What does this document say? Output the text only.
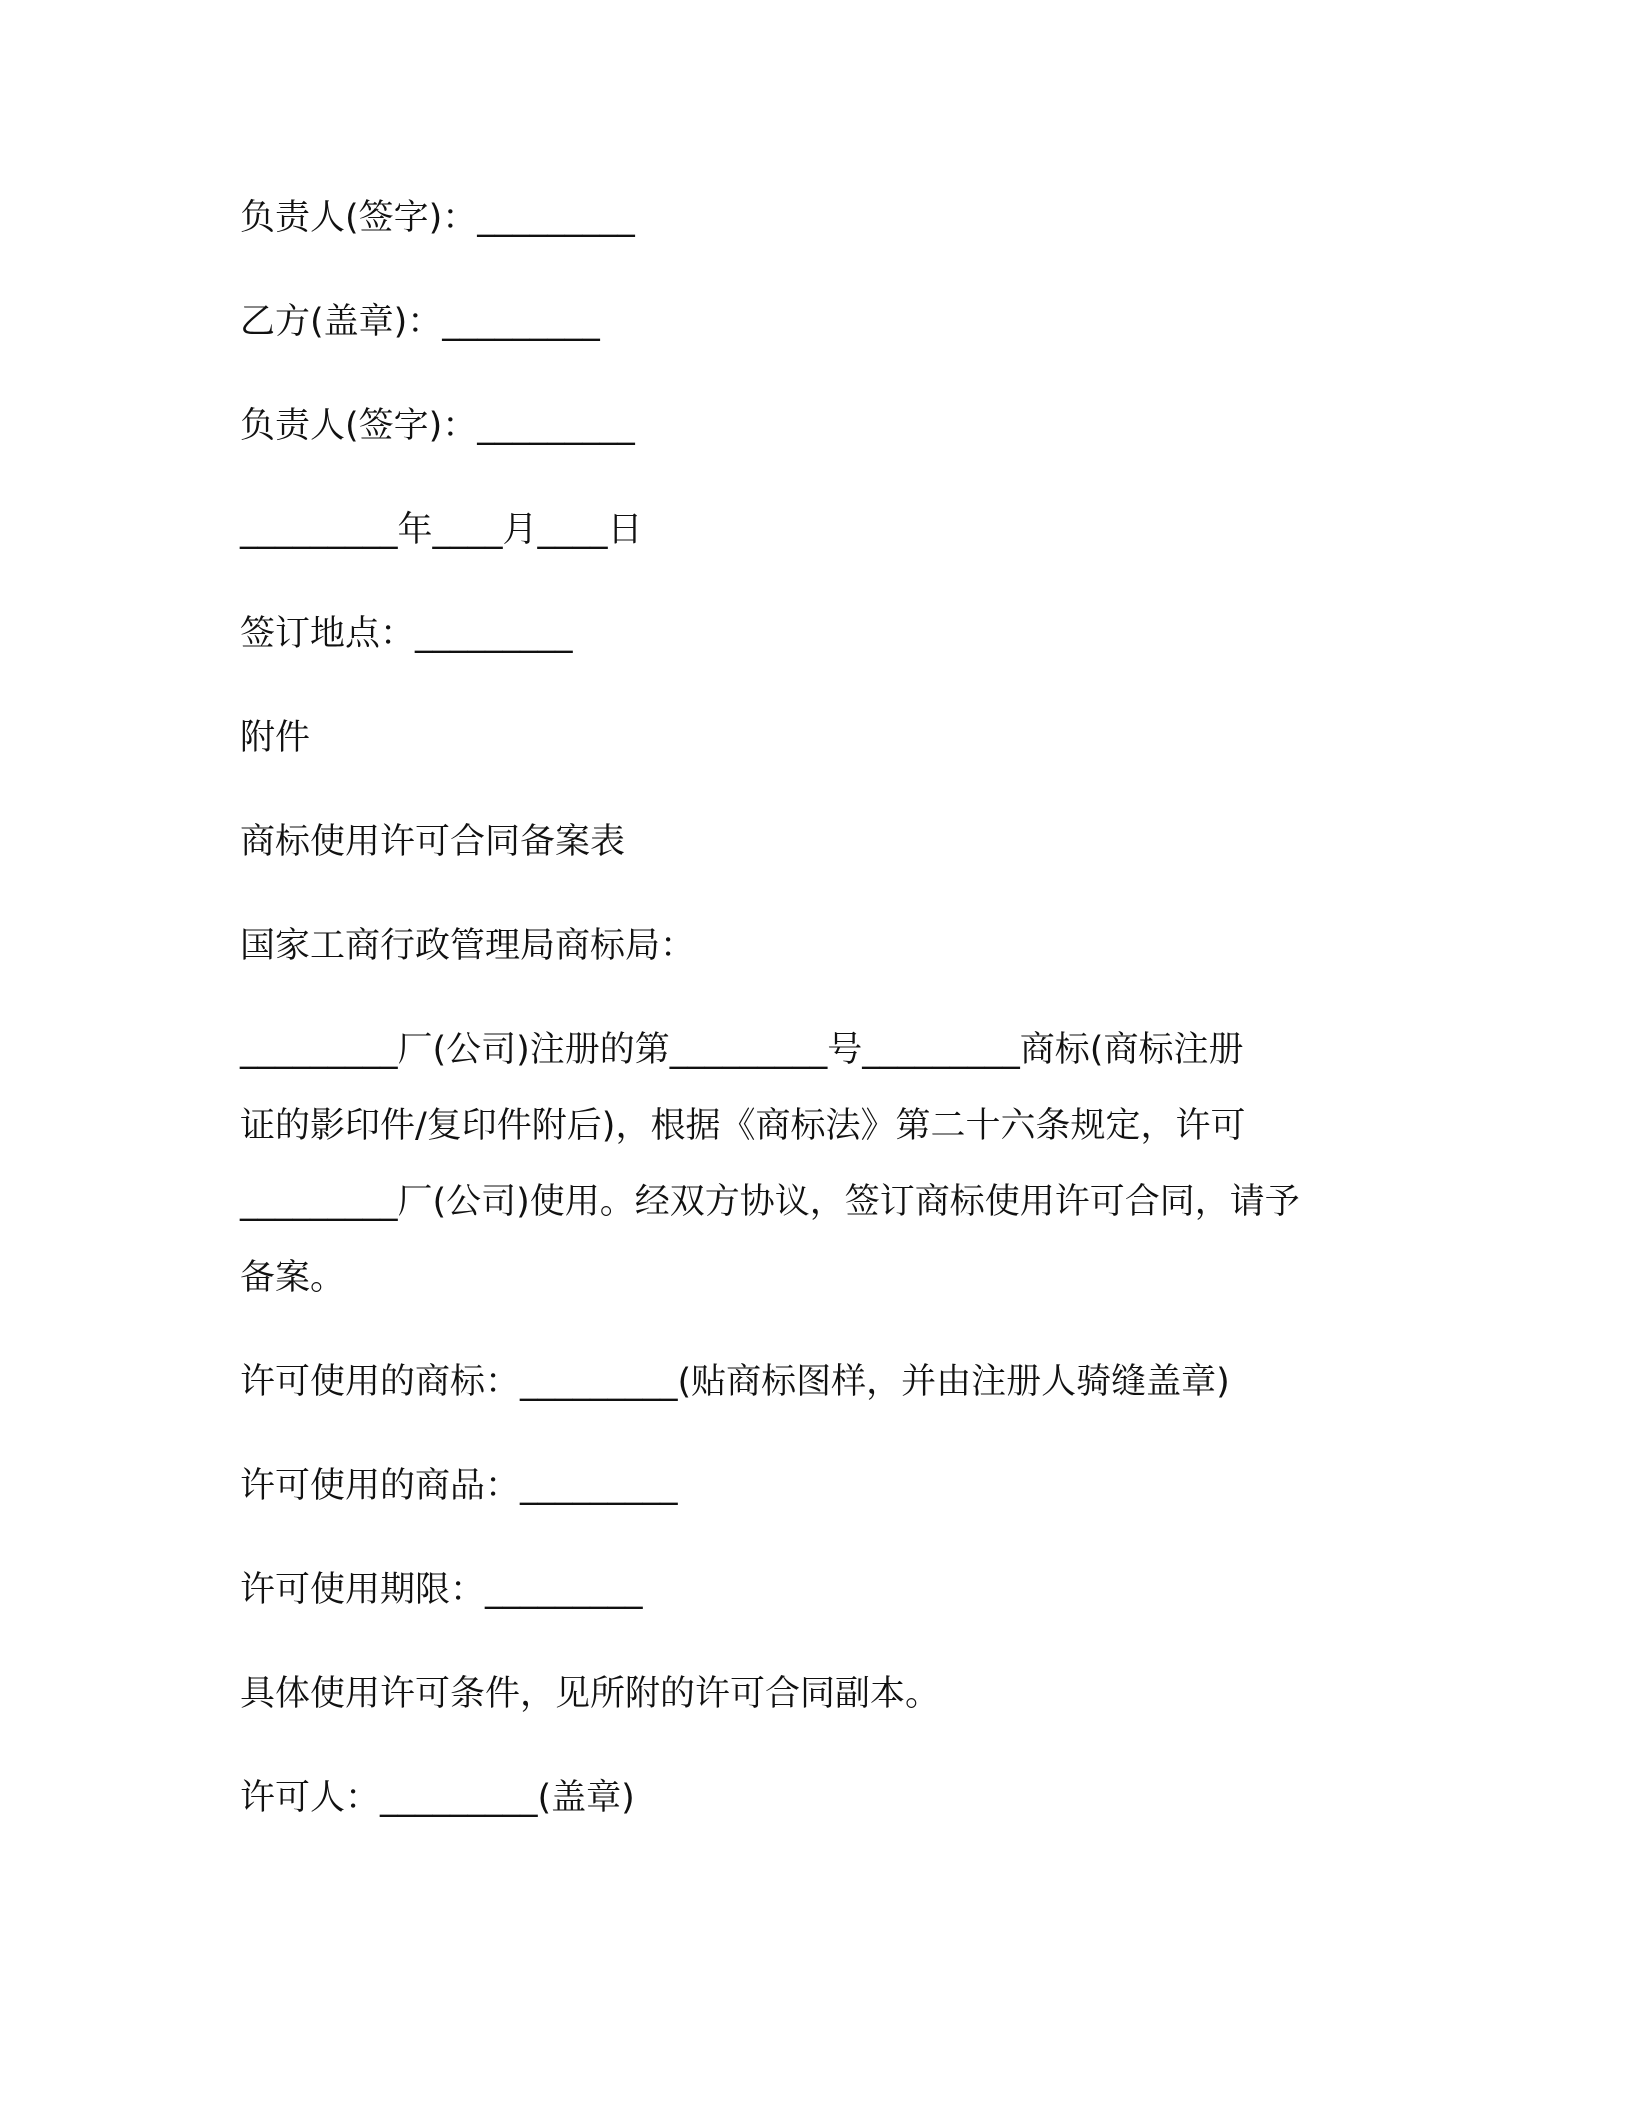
负责人(签字)：_________

乙方(盖章)：_________

负责人(签字)：_________

_________年____月____日

签订地点：_________

附件

商标使用许可合同备案表

国家工商行政管理局商标局：

_________厂(公司)注册的第_________号_________商标(商标注册

证的影印件/复印件附后)，根据《商标法》第二十六条规定，许可

_________厂(公司)使用。经双方协议，签订商标使用许可合同，请予

备案。

许可使用的商标：_________(贴商标图样，并由注册人骑缝盖章)

许可使用的商品：_________

许可使用期限：_________

具体使用许可条件，见所附的许可合同副本。

许可人：_________(盖章)
